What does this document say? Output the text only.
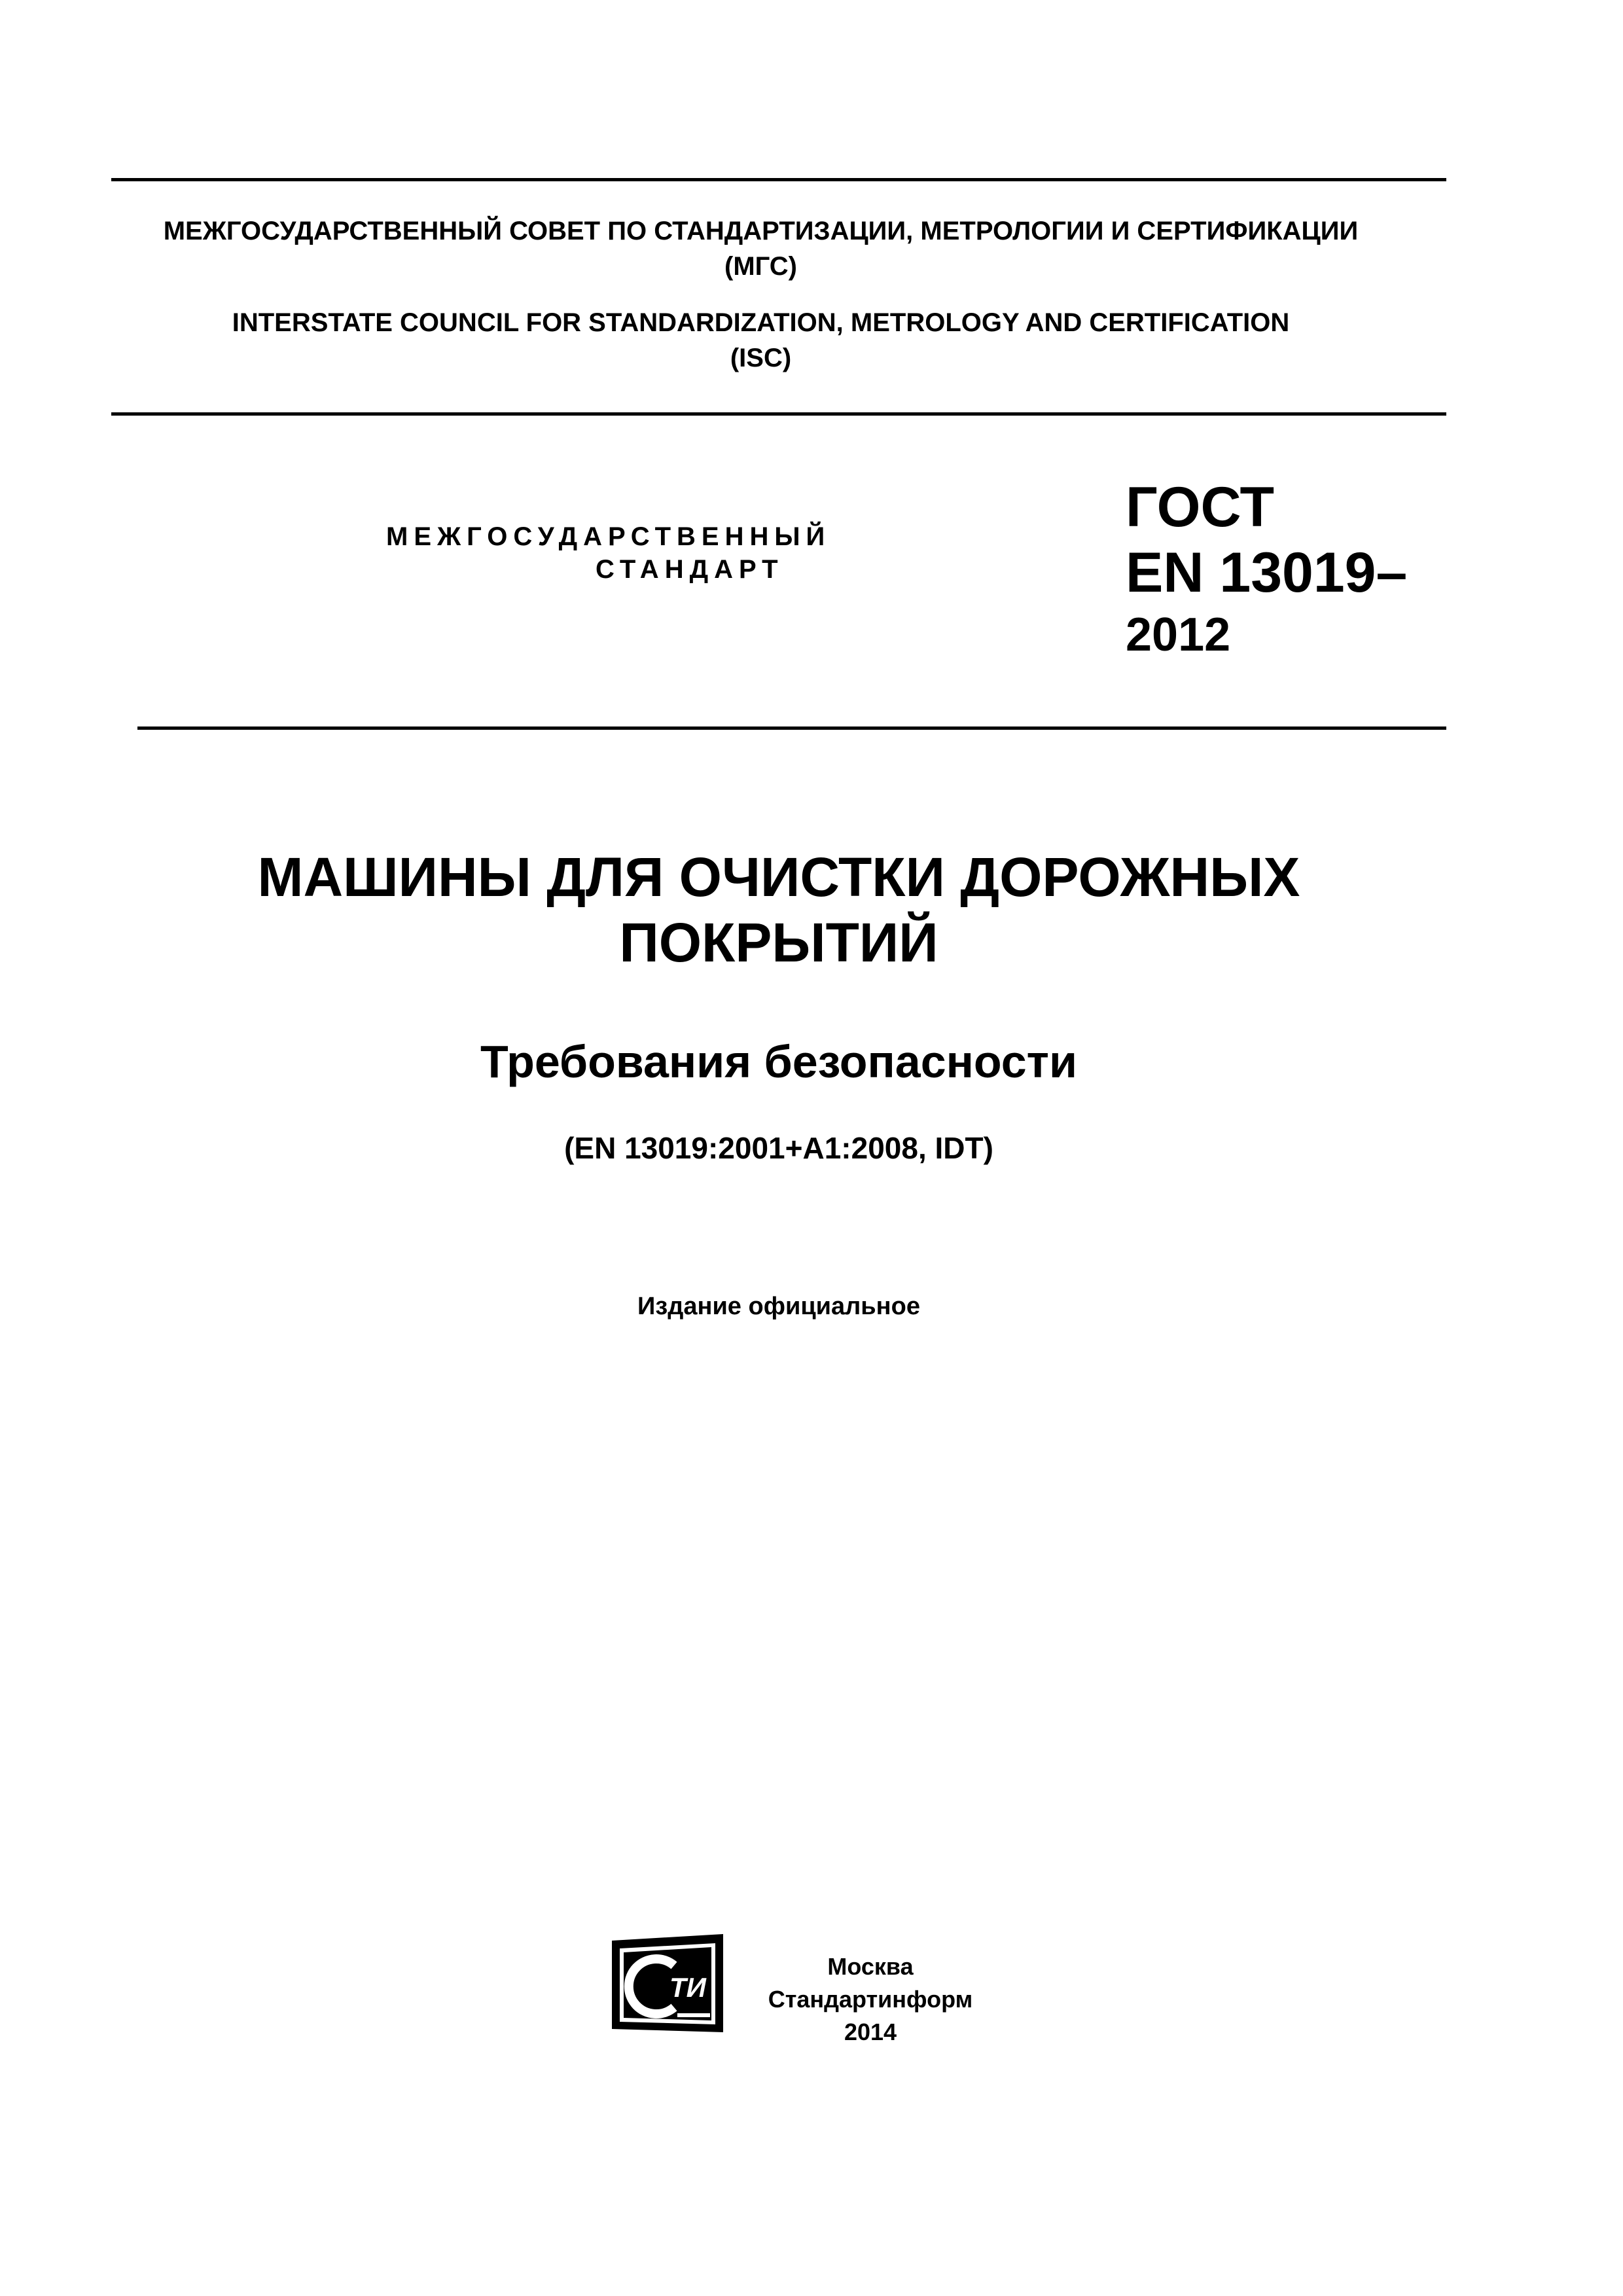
МЕЖГОСУДАРСТВЕННЫЙ СОВЕТ ПО СТАНДАРТИЗАЦИИ, МЕТРОЛОГИИ И СЕРТИФИКАЦИИ
(МГС)
INTERSTATE COUNCIL FOR STANDARDIZATION, METROLOGY AND CERTIFICATION
(ISC)
МЕЖГОСУДАРСТВЕННЫЙ
СТАНДАРТ
ГОСТ
EN 13019–
2012
МАШИНЫ ДЛЯ ОЧИСТКИ ДОРОЖНЫХ
ПОКРЫТИЙ
Требования безопасности
(EN 13019:2001+A1:2008, IDT)
Издание официальное
ТИ
Москва
Стандартинформ
2014
